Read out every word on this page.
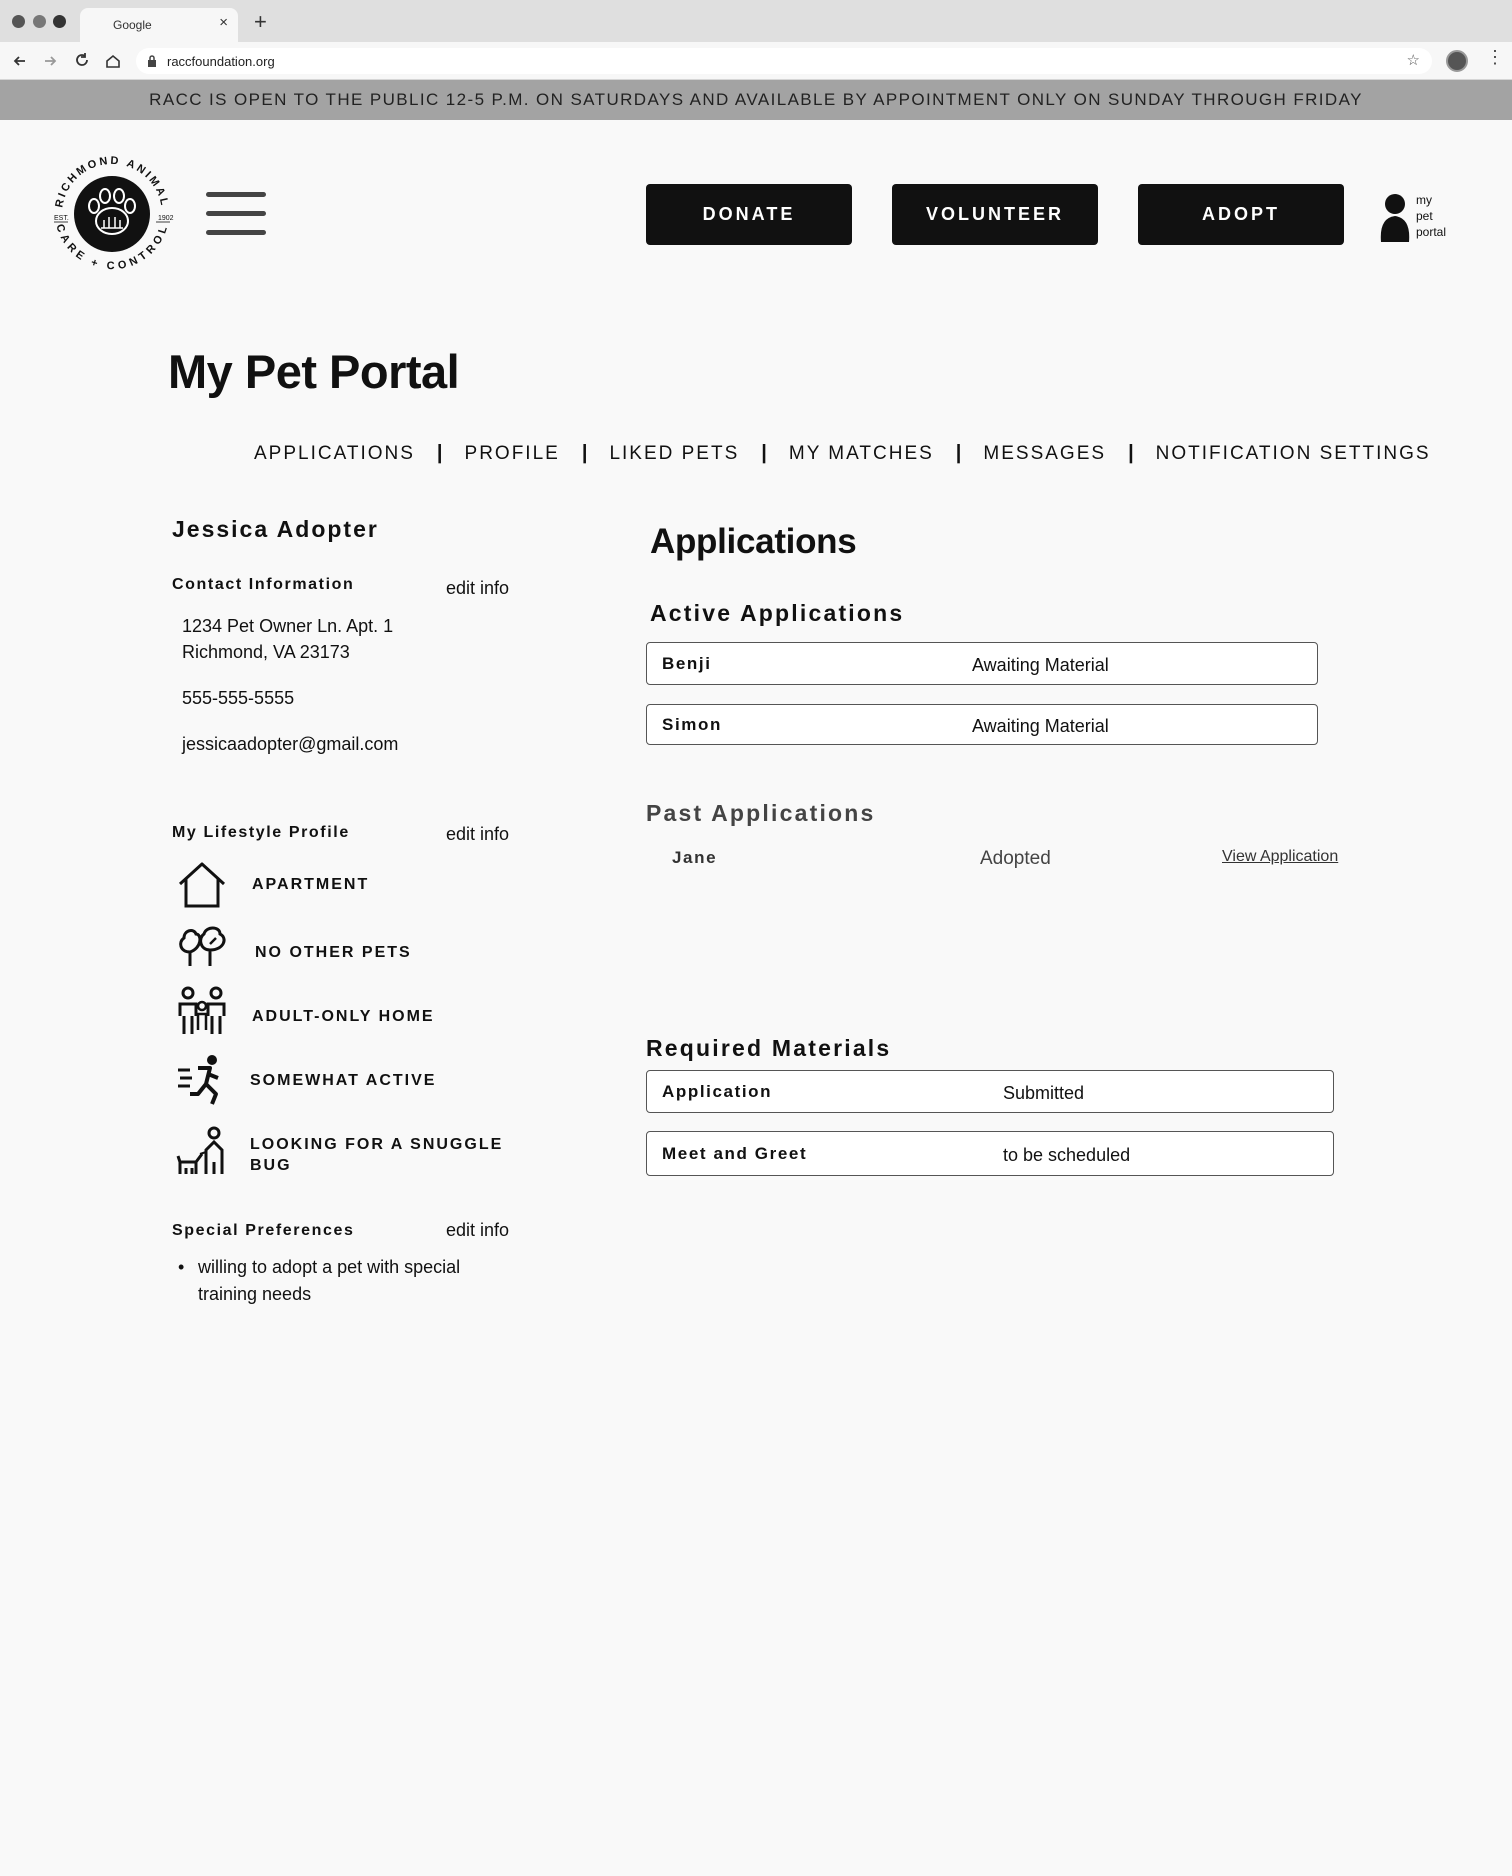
Google	× +
raccfoundation.org	☆	⋮
RACC IS OPEN TO THE PUBLIC 12-5 P.M. ON SATURDAYS AND AVAILABLE BY APPOINTMENT ONLY ON SUNDAY THROUGH FRIDAY
RICHMOND ANIMAL
CARE + CONTROL
EST.	1902	DONATE	VOLUNTEER	ADOPT
my
pet
portal
My Pet Portal
APPLICATIONS | PROFILE | LIKED PETS | MY MATCHES | MESSAGES | NOTIFICATION SETTINGS
Jessica Adopter
Contact Information	edit info
1234 Pet Owner Ln. Apt. 1
Richmond, VA 23173
555-555-5555
jessicaadopter@gmail.com
My Lifestyle Profile	edit info
APARTMENT
NO OTHER PETS
ADULT-ONLY HOME
SOMEWHAT ACTIVE
LOOKING FOR A SNUGGLE
BUG
Special Preferences	edit info
• willing to adopt a pet with special training needs
Applications
Active Applications
Benji	Awaiting Material
Simon	Awaiting Material
Past Applications
Jane	Adopted	View Application
Required Materials
Application	Submitted
Meet and Greet	to be scheduled
